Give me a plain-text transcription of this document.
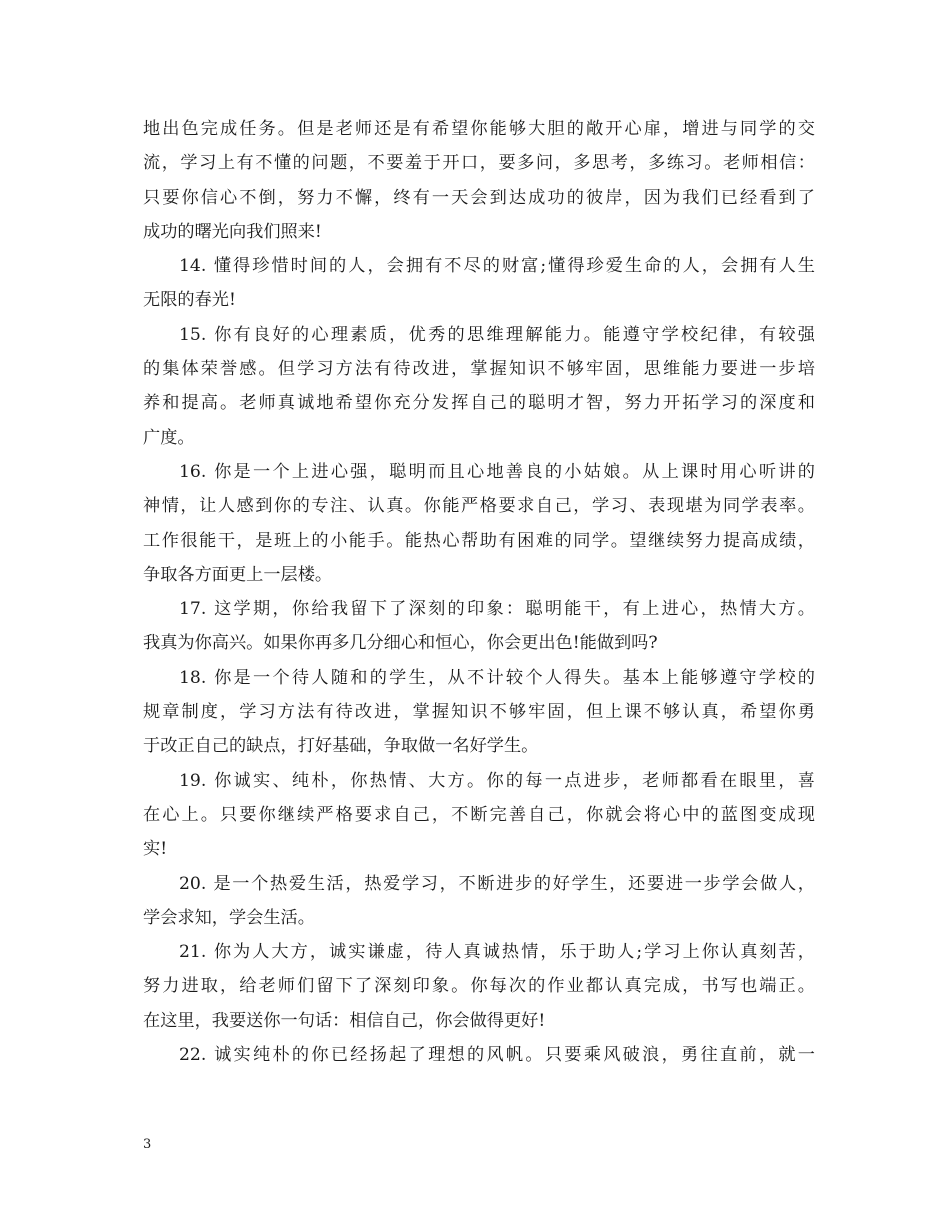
地出色完成任务。但是老师还是有希望你能够大胆的敞开心扉，增进与同学的交
流，学习上有不懂的问题，不要羞于开口，要多问，多思考，多练习。老师相信：
只要你信心不倒，努力不懈，终有一天会到达成功的彼岸，因为我们已经看到了
成功的曙光向我们照来!
14. 懂得珍惜时间的人，会拥有不尽的财富;懂得珍爱生命的人，会拥有人生
无限的春光!
15. 你有良好的心理素质，优秀的思维理解能力。能遵守学校纪律，有较强
的集体荣誉感。但学习方法有待改进，掌握知识不够牢固，思维能力要进一步培
养和提高。老师真诚地希望你充分发挥自己的聪明才智，努力开拓学习的深度和
广度。
16. 你是一个上进心强，聪明而且心地善良的小姑娘。从上课时用心听讲的
神情，让人感到你的专注、认真。你能严格要求自己，学习、表现堪为同学表率。
工作很能干，是班上的小能手。能热心帮助有困难的同学。望继续努力提高成绩，
争取各方面更上一层楼。
17. 这学期，你给我留下了深刻的印象：聪明能干，有上进心，热情大方。
我真为你高兴。如果你再多几分细心和恒心，你会更出色!能做到吗?
18. 你是一个待人随和的学生，从不计较个人得失。基本上能够遵守学校的
规章制度，学习方法有待改进，掌握知识不够牢固，但上课不够认真，希望你勇
于改正自己的缺点，打好基础，争取做一名好学生。
19. 你诚实、纯朴，你热情、大方。你的每一点进步，老师都看在眼里，喜
在心上。只要你继续严格要求自己，不断完善自己，你就会将心中的蓝图变成现
实!
20. 是一个热爱生活，热爱学习，不断进步的好学生，还要进一步学会做人，
学会求知，学会生活。
21. 你为人大方，诚实谦虚，待人真诚热情，乐于助人;学习上你认真刻苦，
努力进取，给老师们留下了深刻印象。你每次的作业都认真完成，书写也端正。
在这里，我要送你一句话：相信自己，你会做得更好!
22. 诚实纯朴的你已经扬起了理想的风帆。只要乘风破浪，勇往直前，就一
3
